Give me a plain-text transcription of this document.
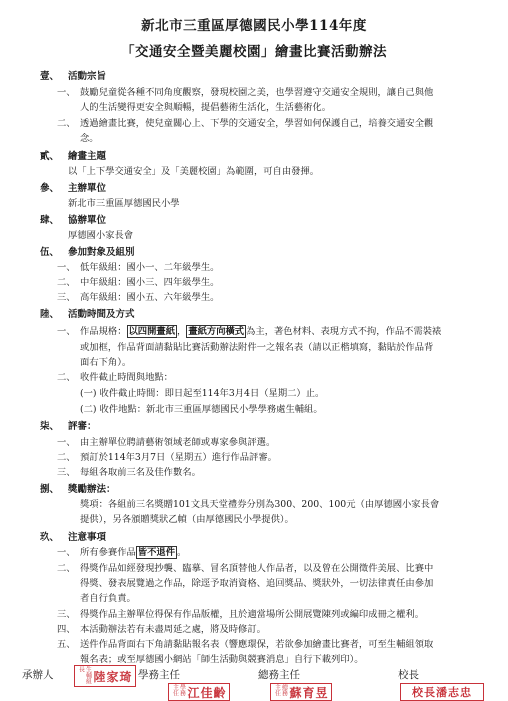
新北市三重區厚德國民小學114年度
「交通安全暨美麗校園」繪畫比賽活動辦法
壹、 活動宗旨
一、 鼓勵兒童從各種不同角度觀察，發現校園之美，也學習遵守交通安全規則，讓自己與他
人的生活變得更安全與順暢，提倡藝術生活化，生活藝術化。
二、 透過繪畫比賽，使兒童關心上、下學的交通安全，學習如何保護自己，培養交通安全觀
念。
貳、 繪畫主題
以「上下學交通安全」及「美麗校園」為範圍，可自由發揮。
參、 主辦單位
新北市三重區厚德國民小學
肆、 協辦單位
厚德國小家長會
伍、 參加對象及組別
一、 低年級組：國小一、二年級學生。
二、 中年級組：國小三、四年級學生。
三、 高年級組：國小五、六年級學生。
陸、 活動時間及方式
一、 作品規格： 以四開畫紙 ， 畫紙方向橫式 為主，著色材料、表現方式不拘，作品不需裝裱
或加框，作品背面請黏貼比賽活動辦法附件一之報名表（請以正楷填寫，黏貼於作品背
面右下角）。
二、 收件截止時間與地點：
(一) 收件截止時間：即日起至114年3月4日（星期二）止。
(二) 收件地點：新北市三重區厚德國民小學學務處生輔組。
柒、 評審：
一、 由主辦單位聘請藝術領域老師或專家參與評選。
二、 預訂於114年3月7日（星期五）進行作品評審。
三、 每組各取前三名及佳作數名。
捌、 獎勵辦法：
獎項：各組前三名獎贈101文具天堂禮券分別為300、200、100元（由厚德國小家長會
提供），另各頒贈獎狀乙幀（由厚德國民小學提供）。
玖、 注意事項
一、 所有參賽作品 皆不退件 。
二、 得獎作品如經發現抄襲、臨摹、冒名頂替他人作品者，以及曾在公開徵件美展、比賽中
得獎、發表展覽過之作品，除逕予取消資格、追回獎品、獎狀外，一切法律責任由參加
者自行負責。
三、 得獎作品主辦單位得保有作品版權，且於適當場所公開展覽陳列或編印成冊之權利。
四、 本活動辦法若有未盡周延之處，將及時修訂。
五、 送件作品背面右下角請黏貼報名表（響應環保，若欲參加繪畫比賽者，可至生輔組領取
報名表；或至厚德國小網站「師生活動與競賽消息」自行下載列印）。
承辦人	生輔組長
陸家琦 學務主任
學務主任 江佳齡
總務主任
總務主任 蘇育昱
校長
校長潘志忠
